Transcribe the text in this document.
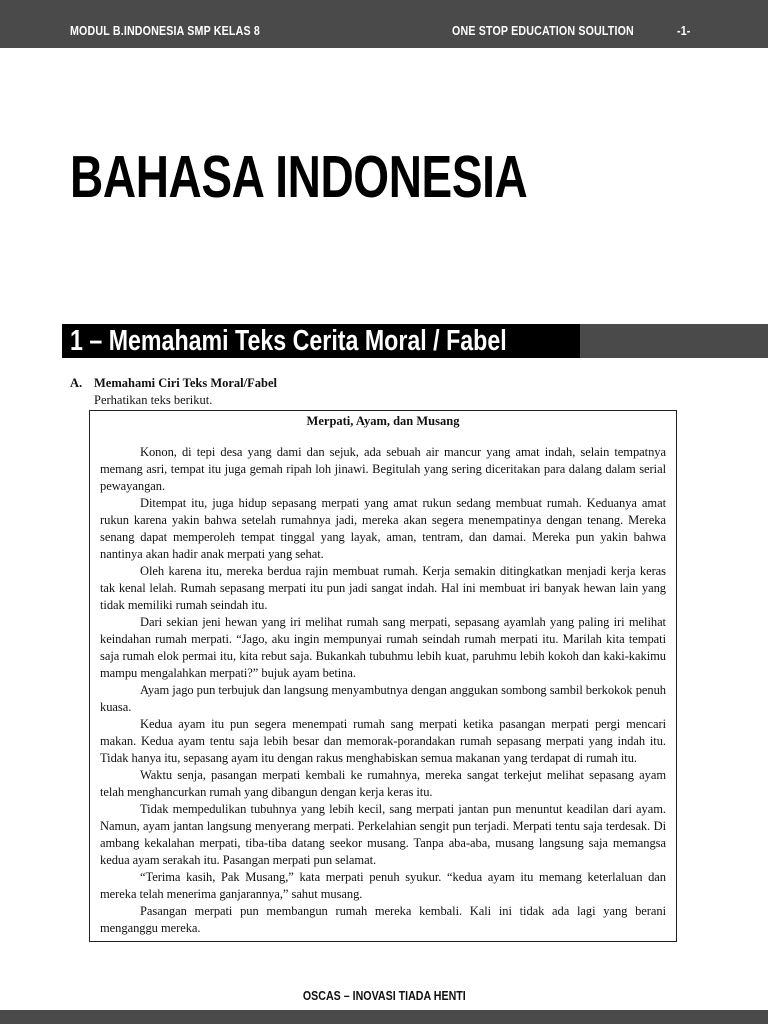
MODUL B.INDONESIA SMP KELAS 8	ONE STOP EDUCATION SOULTION	-1-
BAHASA INDONESIA
1 – Memahami Teks Cerita Moral / Fabel
A. Memahami Ciri Teks Moral/Fabel
Perhatikan teks berikut.
Merpati, Ayam, dan Musang

Konon, di tepi desa yang dami dan sejuk, ada sebuah air mancur yang amat indah, selain tempatnya memang asri, tempat itu juga gemah ripah loh jinawi. Begitulah yang sering diceritakan para dalang dalam serial pewayangan.

Ditempat itu, juga hidup sepasang merpati yang amat rukun sedang membuat rumah. Keduanya amat rukun karena yakin bahwa setelah rumahnya jadi, mereka akan segera menempatinya dengan tenang. Mereka senang dapat memperoleh tempat tinggal yang layak, aman, tentram, dan damai. Mereka pun yakin bahwa nantinya akan hadir anak merpati yang sehat.

Oleh karena itu, mereka berdua rajin membuat rumah. Kerja semakin ditingkatkan menjadi kerja keras tak kenal lelah. Rumah sepasang merpati itu pun jadi sangat indah. Hal ini membuat iri banyak hewan lain yang tidak memiliki rumah seindah itu.

Dari sekian jeni hewan yang iri melihat rumah sang merpati, sepasang ayamlah yang paling iri melihat keindahan rumah merpati. “Jago, aku ingin mempunyai rumah seindah rumah merpati itu. Marilah kita tempati saja rumah elok permai itu, kita rebut saja. Bukankah tubuhmu lebih kuat, paruhmu lebih kokoh dan kaki-kakimu mampu mengalahkan merpati?” bujuk ayam betina.

Ayam jago pun terbujuk dan langsung menyambutnya dengan anggukan sombong sambil berkokok penuh kuasa.

Kedua ayam itu pun segera menempati rumah sang merpati ketika pasangan merpati pergi mencari makan. Kedua ayam tentu saja lebih besar dan memorak-porandakan rumah sepasang merpati yang indah itu. Tidak hanya itu, sepasang ayam itu dengan rakus menghabiskan semua makanan yang terdapat di rumah itu.

Waktu senja, pasangan merpati kembali ke rumahnya, mereka sangat terkejut melihat sepasang ayam telah menghancurkan rumah yang dibangun dengan kerja keras itu.

Tidak mempedulikan tubuhnya yang lebih kecil, sang merpati jantan pun menuntut keadilan dari ayam. Namun, ayam jantan langsung menyerang merpati. Perkelahian sengit pun terjadi. Merpati tentu saja terdesak. Di ambang kekalahan merpati, tiba-tiba datang seekor musang. Tanpa aba-aba, musang langsung saja memangsa kedua ayam serakah itu. Pasangan merpati pun selamat.

“Terima kasih, Pak Musang,” kata merpati penuh syukur. “kedua ayam itu memang keterlaluan dan mereka telah menerima ganjarannya,” sahut musang.

Pasangan merpati pun membangun rumah mereka kembali. Kali ini tidak ada lagi yang berani menganggu mereka.

OSCAS – INOVASI TIADA HENTI
